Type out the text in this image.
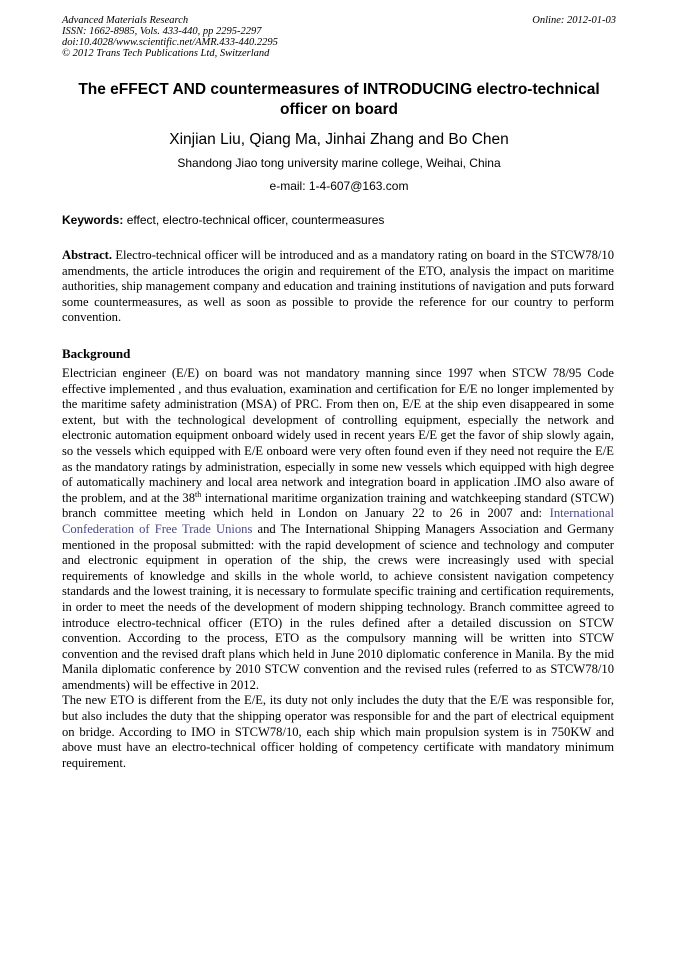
Advanced Materials Research
ISSN: 1662-8985, Vols. 433-440, pp 2295-2297
doi:10.4028/www.scientific.net/AMR.433-440.2295
© 2012 Trans Tech Publications Ltd, Switzerland
Online: 2012-01-03
The eFFECT AND countermeasures of INTRODUCING electro-technical officer on board
Xinjian Liu, Qiang Ma, Jinhai Zhang and Bo Chen
Shandong Jiao tong university marine college, Weihai, China
e-mail: 1-4-607@163.com
Keywords: effect, electro-technical officer, countermeasures
Abstract. Electro-technical officer will be introduced and as a mandatory rating on board in the STCW78/10 amendments, the article introduces the origin and requirement of the ETO, analysis the impact on maritime authorities, ship management company and education and training institutions of navigation and puts forward some countermeasures, as well as soon as possible to provide the reference for our country to perform convention.
Background

Electrician engineer (E/E) on board was not mandatory manning since 1997 when STCW 78/95 Code effective implemented , and thus evaluation, examination and certification for E/E no longer implemented by the maritime safety administration (MSA) of PRC. From then on, E/E at the ship even disappeared in some extent, but with the technological development of controlling equipment, especially the network and electronic automation equipment onboard widely used in recent years E/E get the favor of ship slowly again, so the vessels which equipped with E/E onboard were very often found even if they need not require the E/E as the mandatory ratings by administration, especially in some new vessels which equipped with high degree of automatically machinery and local area network and integration board in application .IMO also aware of the problem, and at the 38th international maritime organization training and watchkeeping standard (STCW) branch committee meeting which held in London on January 22 to 26 in 2007 and: International Confederation of Free Trade Unions and The International Shipping Managers Association and Germany mentioned in the proposal submitted: with the rapid development of science and technology and computer and electronic equipment in operation of the ship, the crews were increasingly used with special requirements of knowledge and skills in the whole world, to achieve consistent navigation competency standards and the lowest training, it is necessary to formulate specific training and certification requirements, in order to meet the needs of the development of modern shipping technology. Branch committee agreed to introduce electro-technical officer (ETO) in the rules defined after a detailed discussion on STCW convention. According to the process, ETO as the compulsory manning will be written into STCW convention and the revised draft plans which held in June 2010 diplomatic conference in Manila. By the mid Manila diplomatic conference by 2010 STCW convention and the revised rules (referred to as STCW78/10 amendments) will be effective in 2012.

The new ETO is different from the E/E, its duty not only includes the duty that the E/E was responsible for, but also includes the duty that the shipping operator was responsible for and the part of electrical equipment on bridge. According to IMO in STCW78/10, each ship which main propulsion system is in 750KW and above must have an electro-technical officer holding of competency certificate with mandatory minimum requirement.
